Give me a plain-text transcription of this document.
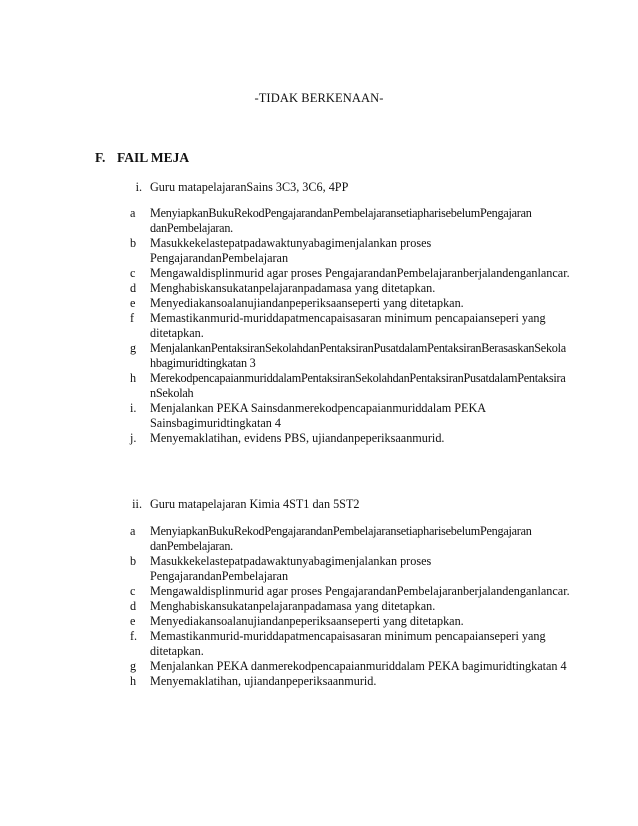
-TIDAK BERKENAAN-
F. FAIL MEJA
i. Guru matapelajaranSains 3C3, 3C6, 4PP
a	MenyiapkanBukuRekodPengajarandanPembelajaransetiapharisebelumPengajaran danPembelajaran.
b	Masukkekelastepatpadawaktunyabagimenjalankan proses PengajarandanPembelajaran
c	Mengawaldisplinmurid agar proses PengajarandanPembelajaranberjalandenganlancar.
d	Menghabiskansukatanpelajaranpadamasa yang ditetapkan.
e	Menyediakansoalanujiandanpeperiksaanseperti yang ditetapkan.
f	Memastikanmurid-muriddapatmencapaisasaran minimum pencapaianseperi yang ditetapkan.
g	MenjalankanPentaksiranSekolahdanPentaksiranPusatdalamPentaksiranBerasaskanSekolahbagimuridtingkatan 3
h	MerekodpencapaianmuriddalamPentaksiranSekolahdanPentaksiranPusatdalamPentaksiranSekolah
i.	Menjalankan PEKA Sainsdanmerekodpencapaianmuriddalam PEKA Sainsbagimuridtingkatan 4
j.	Menyemaklatihan, evidens PBS, ujiandanpeperiksaanmurid.
ii. Guru matapelajaran Kimia 4ST1 dan 5ST2
a	MenyiapkanBukuRekodPengajarandanPembelajaransetiapharisebelumPengajaran danPembelajaran.
b	Masukkekelastepatpadawaktunyabagimenjalankan proses PengajarandanPembelajaran
c	Mengawaldisplinmurid agar proses PengajarandanPembelajaranberjalandenganlancar.
d	Menghabiskansukatanpelajaranpadamasa yang ditetapkan.
e	Menyediakansoalanujiandanpeperiksaanseperti yang ditetapkan.
f.	Memastikanmurid-muriddapatmencapaisasaran minimum pencapaianseperi yang ditetapkan.
g	Menjalankan PEKA danmerekodpencapaianmuriddalam PEKA bagimuridtingkatan 4
h	Menyemaklatihan, ujiandanpeperiksaanmurid.
